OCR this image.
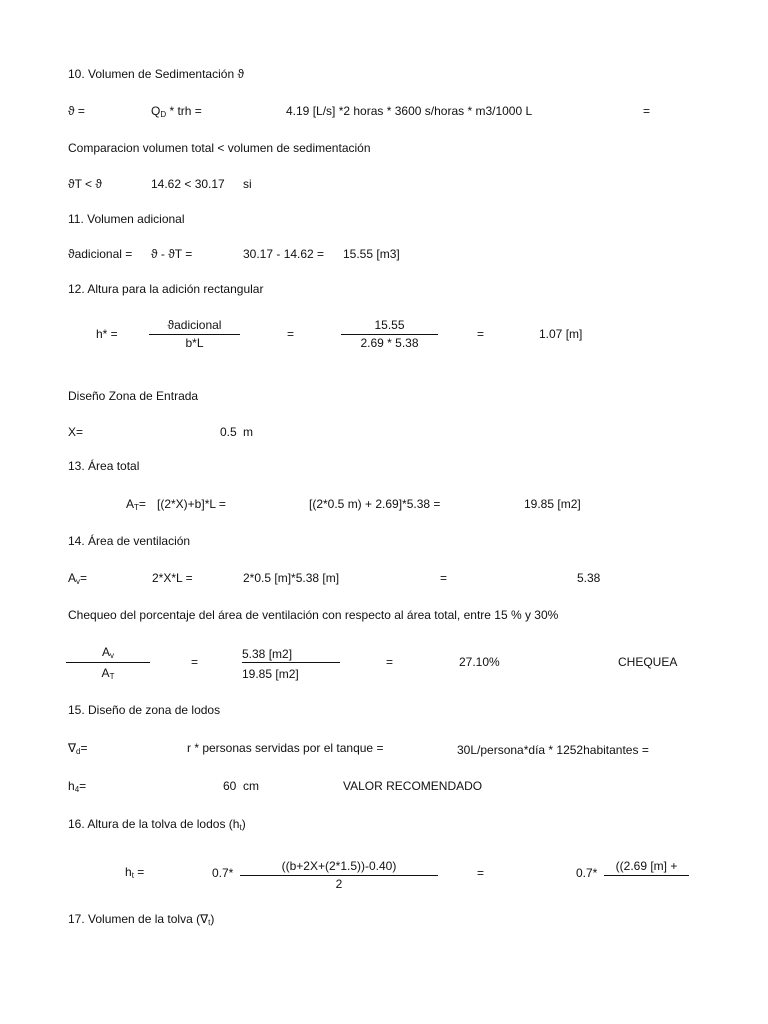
10. Volumen de Sedimentación ϑ
ϑ =	$Q_D$ * trh =	4.19 [L/s] *2 horas * 3600 s/horas * m3/1000 L	=
Comparacion volumen total < volumen de sedimentación
ϑT < ϑ	14.62 < 30.17 si
11. Volumen adicional
ϑadicional = ϑ - ϑT =	30.17 - 14.62 = 15.55 [m3]
12. Altura para la adición rectangular
h* =
ϑadicional
b*L
=
15.55
2.69 * 5.38
=	1.07 [m]
Diseño Zona de Entrada
X=	0.5 m
13. Área total
$A_T= [(2*X)+b]*L$ =	[(2*0.5 m) + 2.69]*5.38 =	19.85 [m2]
14. Área de ventilación
$A_v=$	2*X*L =	2*0.5 [m]*5.38 [m]	=	5.38
Chequeo del porcentaje del área de ventilación con respecto al área total, entre 15 % y 30%
$A_v$
$A_T$
=
5.38 [m2]
19.85 [m2]
=	27.10%	CHEQUEA
15. Diseño de zona de lodos
$\nabla_d=$	r * personas servidas por el tanque =	30L/persona*día * 1252habitantes =
$h_4=$	60 cm	VALOR RECOMENDADO
16. Altura de la tolva de lodos $(h_t)$
$h_t$ =	0.7*	((b+2X+(2*1.5))-0.40)
2
=	0.7*	((2.69 [m] +
17. Volumen de la tolva $(\nabla_t)$
